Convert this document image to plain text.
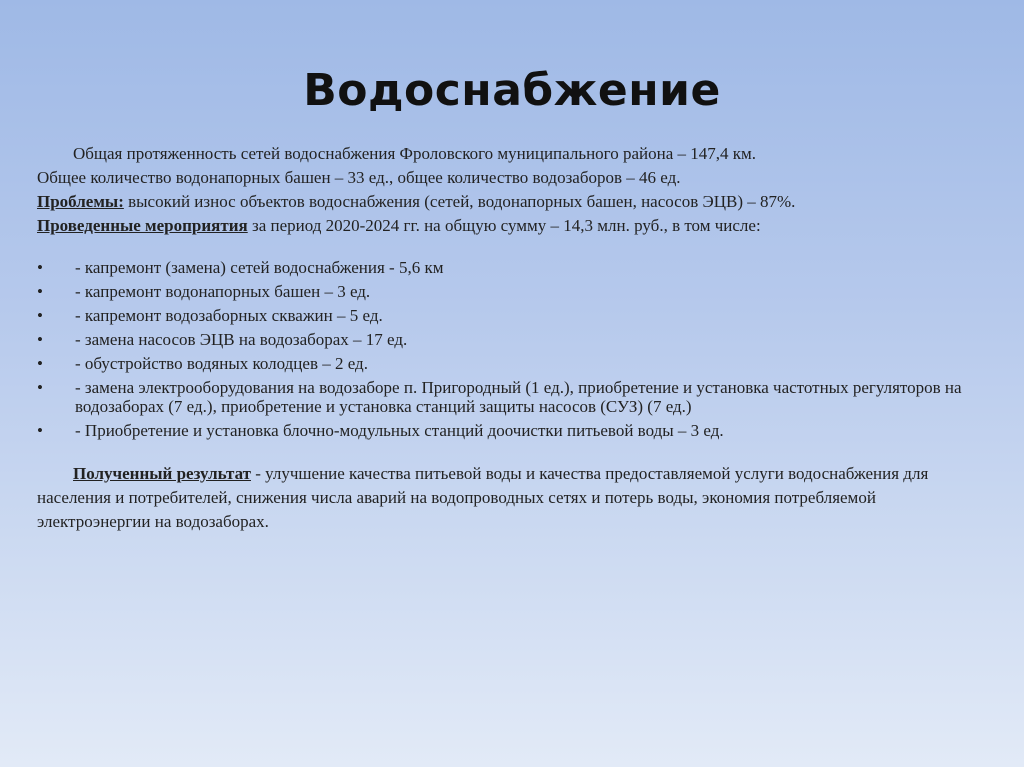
Водоснабжение

Общая протяженность сетей водоснабжения Фроловского муниципального района – 147,4 км.

Общее количество водонапорных башен – 33 ед., общее количество водозаборов – 46 ед.

Проблемы: высокий износ объектов водоснабжения (сетей, водонапорных башен, насосов ЭЦВ) – 87%.

Проведенные мероприятия за период 2020-2024 гг. на общую сумму – 14,3 млн. руб., в том числе:

• - капремонт (замена) сетей водоснабжения - 5,6 км
• - капремонт водонапорных башен – 3 ед.
• - капремонт водозаборных скважин – 5 ед.
• - замена насосов ЭЦВ на водозаборах – 17 ед.
• - обустройство водяных колодцев – 2 ед.
• - замена электрооборудования на водозаборе п. Пригородный (1 ед.), приобретение и установка частотных регуляторов на водозаборах (7 ед.), приобретение и установка станций защиты насосов (СУЗ) (7 ед.)
• - Приобретение и установка блочно-модульных станций доочистки питьевой воды – 3 ед.

Полученный результат - улучшение качества питьевой воды и качества предоставляемой услуги водоснабжения для населения и потребителей, снижения числа аварий на водопроводных сетях и потерь воды, экономия потребляемой электроэнергии на водозаборах.
